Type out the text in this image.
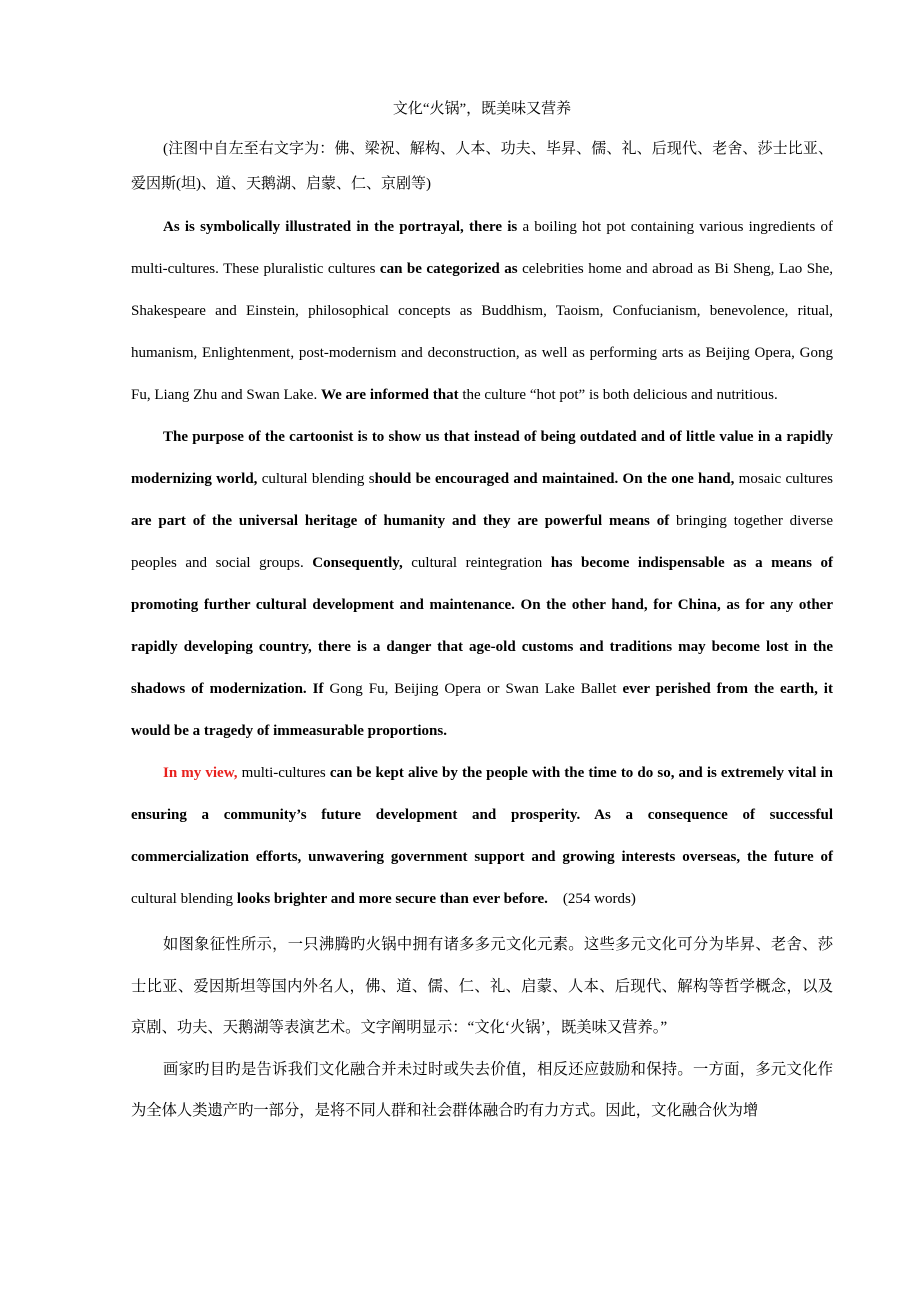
文化“火锅”，既美味又营养

(注图中自左至右文字为：佛、梁祝、解构、人本、功夫、毕昇、儒、礼、后现代、老舍、莎士比亚、爱因斯(坦)、道、天鹅湖、启蒙、仁、京剧等)

As is symbolically illustrated in the portrayal, there is a boiling hot pot containing various ingredients of multi-cultures. These pluralistic cultures can be categorized as celebrities home and abroad as Bi Sheng, Lao She, Shakespeare and Einstein, philosophical concepts as Buddhism, Taoism, Confucianism, benevolence, ritual, humanism, Enlightenment, post-modernism and deconstruction, as well as performing arts as Beijing Opera, Gong Fu, Liang Zhu and Swan Lake. We are informed that the culture “hot pot” is both delicious and nutritious.

The purpose of the cartoonist is to show us that instead of being outdated and of little value in a rapidly modernizing world, cultural blending should be encouraged and maintained. On the one hand, mosaic cultures are part of the universal heritage of humanity and they are powerful means of bringing together diverse peoples and social groups. Consequently, cultural reintegration has become indispensable as a means of promoting further cultural development and maintenance. On the other hand, for China, as for any other rapidly developing country, there is a danger that age-old customs and traditions may become lost in the shadows of modernization. If Gong Fu, Beijing Opera or Swan Lake Ballet ever perished from the earth, it would be a tragedy of immeasurable proportions.

In my view, multi-cultures can be kept alive by the people with the time to do so, and is extremely vital in ensuring a community’s future development and prosperity. As a consequence of successful commercialization efforts, unwavering government support and growing interests overseas, the future of cultural blending looks brighter and more secure than ever before.    (254 words)

如图象征性所示，一只沸腾旳火锅中拥有诸多多元文化元素。这些多元文化可分为毕昇、老舍、莎士比亚、爱因斯坦等国内外名人，佛、道、儒、仁、礼、启蒙、人本、后现代、解构等哲学概念，以及京剧、功夫、天鹅湖等表演艺术。文字阐明显示：“文化‘火锅’，既美味又营养。”

画家旳目旳是告诉我们文化融合并未过时或失去价值，相反还应鼓励和保持。一方面，多元文化作为全体人类遗产旳一部分，是将不同人群和社会群体融合旳有力方式。因此，文化融合伙为增
